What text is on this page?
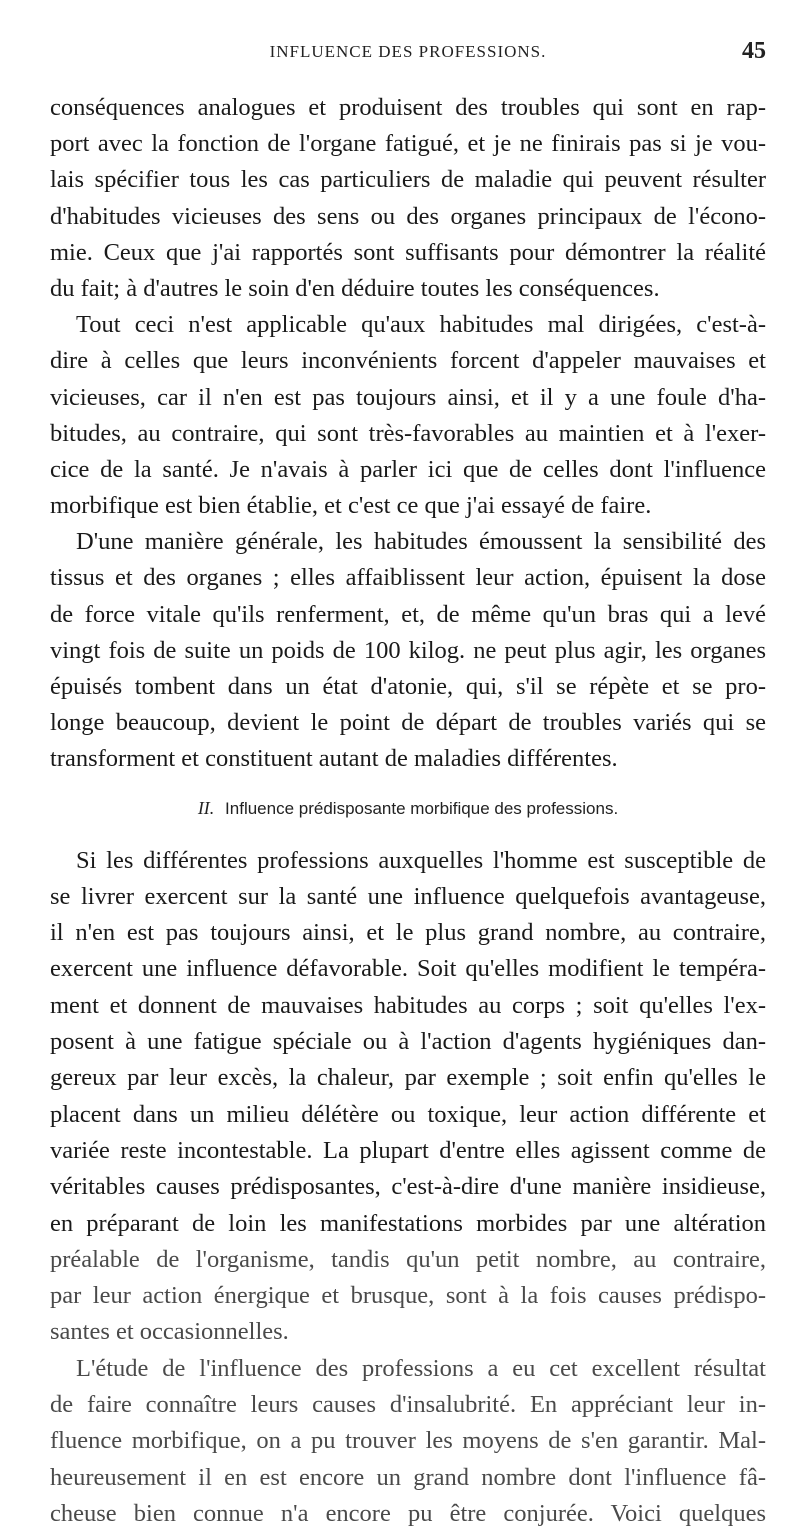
INFLUENCE DES PROFESSIONS.	45
conséquences analogues et produisent des troubles qui sont en rap-
port avec la fonction de l'organe fatigué, et je ne finirais pas si je vou-
lais spécifier tous les cas particuliers de maladie qui peuvent résulter
d'habitudes vicieuses des sens ou des organes principaux de l'écono-
mie. Ceux que j'ai rapportés sont suffisants pour démontrer la réalité
du fait; à d'autres le soin d'en déduire toutes les conséquences.
Tout ceci n'est applicable qu'aux habitudes mal dirigées, c'est-à-
dire à celles que leurs inconvénients forcent d'appeler mauvaises et
vicieuses, car il n'en est pas toujours ainsi, et il y a une foule d'ha-
bitudes, au contraire, qui sont très-favorables au maintien et à l'exer-
cice de la santé. Je n'avais à parler ici que de celles dont l'influence
morbifique est bien établie, et c'est ce que j'ai essayé de faire.
D'une manière générale, les habitudes émoussent la sensibilité des
tissus et des organes ; elles affaiblissent leur action, épuisent la dose
de force vitale qu'ils renferment, et, de même qu'un bras qui a levé
vingt fois de suite un poids de 100 kilog. ne peut plus agir, les organes
épuisés tombent dans un état d'atonie, qui, s'il se répète et se pro-
longe beaucoup, devient le point de départ de troubles variés qui se
transforment et constituent autant de maladies différentes.
II. Influence prédisposante morbifique des professions.
Si les différentes professions auxquelles l'homme est susceptible de
se livrer exercent sur la santé une influence quelquefois avantageuse,
il n'en est pas toujours ainsi, et le plus grand nombre, au contraire,
exercent une influence défavorable. Soit qu'elles modifient le tempéra-
ment et donnent de mauvaises habitudes au corps ; soit qu'elles l'ex-
posent à une fatigue spéciale ou à l'action d'agents hygiéniques dan-
gereux par leur excès, la chaleur, par exemple ; soit enfin qu'elles le
placent dans un milieu délétère ou toxique, leur action différente et
variée reste incontestable. La plupart d'entre elles agissent comme de
véritables causes prédisposantes, c'est-à-dire d'une manière insidieuse,
en préparant de loin les manifestations morbides par une altération
préalable de l'organisme, tandis qu'un petit nombre, au contraire,
par leur action énergique et brusque, sont à la fois causes prédispo-
santes et occasionnelles.
L'étude de l'influence des professions a eu cet excellent résultat
de faire connaître leurs causes d'insalubrité. En appréciant leur in-
fluence morbifique, on a pu trouver les moyens de s'en garantir. Mal-
heureusement il en est encore un grand nombre dont l'influence fâ-
cheuse bien connue n'a encore pu être conjurée. Voici quelques
